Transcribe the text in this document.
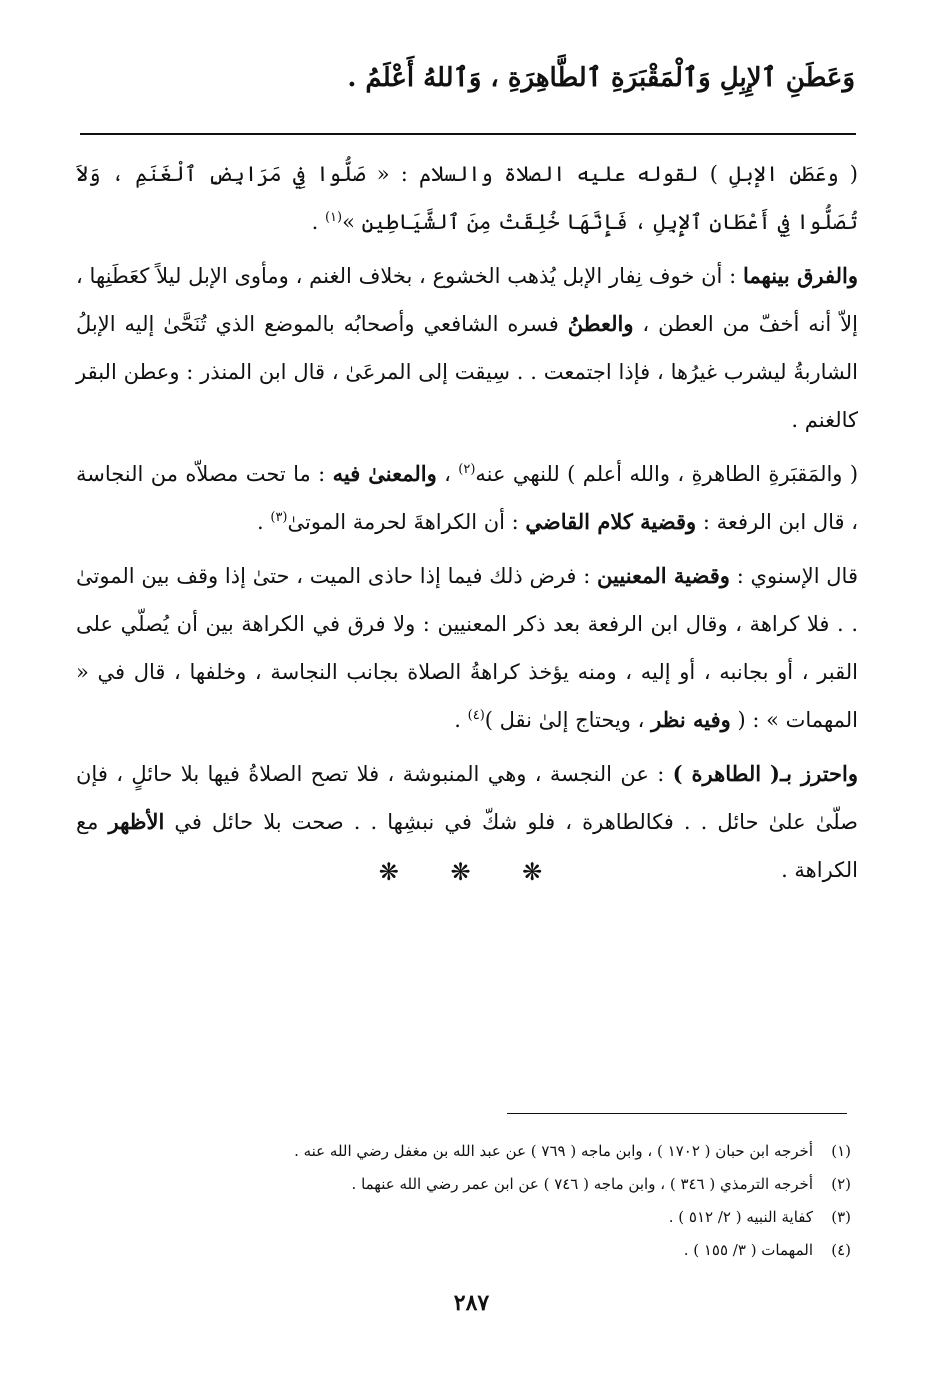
وَعَطَنِ ٱلإِبِلِ وَٱلْمَقْبَرَةِ ٱلطَّاهِرَةِ ، وَٱللهُ أَعْلَمُ .

( وعَطَنِ الإبلِ ) لقوله عليه الصلاة والسلام : « صَلُّوا فِي مَرَابِضِ ٱلْغَنَمِ ، وَلاَ تُصَلُّوا فِي أَعْطَانِ ٱلإِبِلِ ، فَإِنَّهَا خُلِقَتْ مِنَ ٱلشَّيَاطِينِ »$^{(١)}$ .

والفرق بينهما : أن خوف نِفار الإبل يُذهب الخشوع ، بخلاف الغنم ، ومأوى الإبل ليلاً كعَطَنِها ، إلاّ أنه أخفّ من العطن ، والعطنُ فسره الشافعي وأصحابُه بالموضع الذي تُنَحَّىٰ إليه الإبلُ الشاربةُ ليشرب غيرُها ، فإذا اجتمعت . . سِيقت إلى المرعَىٰ ، قال ابن المنذر : وعطن البقر كالغنم .

( والمَقبَرةِ الطاهرةِ ، والله أعلم ) للنهي عنه$^{(٢)}$ ، والمعنىٰ فيه : ما تحت مصلاّه من النجاسة ، قال ابن الرفعة : وقضية كلام القاضي : أن الكراهةَ لحرمة الموتىٰ$^{(٣)}$ .

قال الإسنوي : وقضية المعنيين : فرض ذلك فيما إذا حاذى الميت ، حتىٰ إذا وقف بين الموتىٰ . . فلا كراهة ، وقال ابن الرفعة بعد ذكر المعنيين : ولا فرق في الكراهة بين أن يُصلّي على القبر ، أو بجانبه ، أو إليه ، ومنه يؤخذ كراهةُ الصلاة بجانب النجاسة ، وخلفها ، قال في « المهمات » : ( وفيه نظر ، ويحتاج إلىٰ نقل )$^{(٤)}$ .

واحترز بـ( الطاهرة ) : عن النجسة ، وهي المنبوشة ، فلا تصح الصلاةُ فيها بلا حائلٍ ، فإن صلّىٰ علىٰ حائل . . فكالطاهرة ، فلو شكّ في نبشِها . . صحت بلا حائل في الأظهر مع الكراهة .

❋ ❋ ❋
(١)
أخرجه ابن حبان ( ١٧٠٢ ) ، وابن ماجه ( ٧٦٩ ) عن عبد الله بن مغفل رضي الله عنه .
(٢)
أخرجه الترمذي ( ٣٤٦ ) ، وابن ماجه ( ٧٤٦ ) عن ابن عمر رضي الله عنهما .
(٣)
كفاية النبيه ( ٢/ ٥١٢ ) .
(٤)
المهمات ( ٣/ ١٥٥ ) .
٢٨٧
